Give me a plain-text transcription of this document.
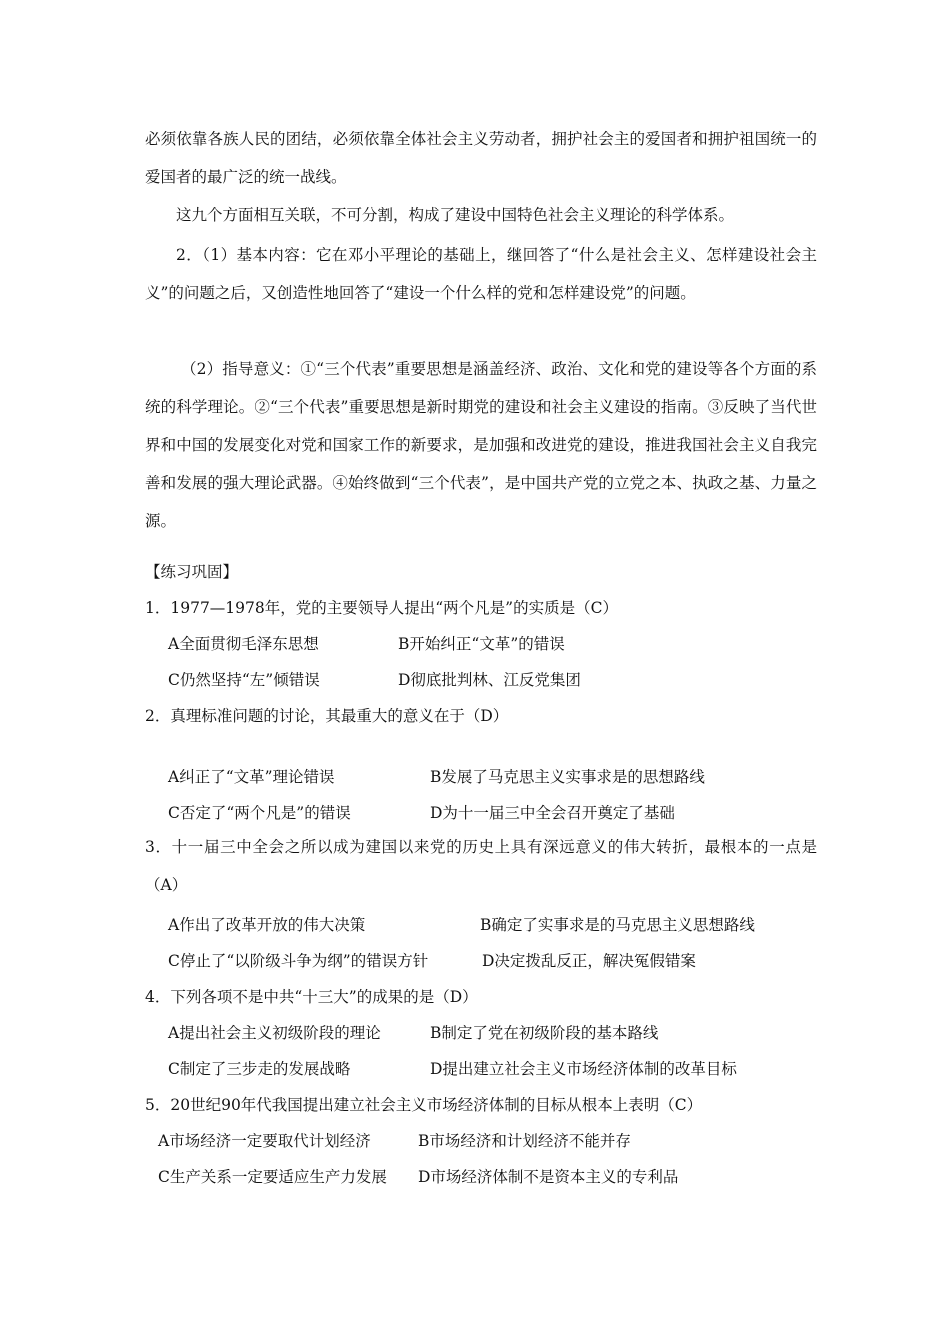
必须依靠各族人民的团结，必须依靠全体社会主义劳动者，拥护社会主的爱国者和拥护祖国统一的爱国者的最广泛的统一战线。
这九个方面相互关联，不可分割，构成了建设中国特色社会主义理论的科学体系。
2．（1）基本内容：它在邓小平理论的基础上，继回答了“什么是社会主义、怎样建设社会主义”的问题之后，又创造性地回答了“建设一个什么样的党和怎样建设党”的问题。
（2）指导意义：①“三个代表”重要思想是涵盖经济、政治、文化和党的建设等各个方面的系统的科学理论。②“三个代表”重要思想是新时期党的建设和社会主义建设的指南。③反映了当代世界和中国的发展变化对党和国家工作的新要求，是加强和改进党的建设，推进我国社会主义自我完善和发展的强大理论武器。④始终做到“三个代表”，是中国共产党的立党之本、执政之基、力量之源。
【练习巩固】
1．1977—1978年，党的主要领导人提出“两个凡是”的实质是（C）
A全面贯彻毛泽东思想	B开始纠正“文革”的错误
C仍然坚持“左”倾错误	D彻底批判林、江反党集团
2．真理标准问题的讨论，其最重大的意义在于（D）
A纠正了“文革”理论错误	B发展了马克思主义实事求是的思想路线
C否定了“两个凡是”的错误	D为十一届三中全会召开奠定了基础
3．十一届三中全会之所以成为建国以来党的历史上具有深远意义的伟大转折，最根本的一点是（A）
A作出了改革开放的伟大决策	B确定了实事求是的马克思主义思想路线
C停止了“以阶级斗争为纲”的错误方针	D决定拨乱反正，解决冤假错案
4．下列各项不是中共“十三大”的成果的是（D）
A提出社会主义初级阶段的理论	B制定了党在初级阶段的基本路线
C制定了三步走的发展战略	D提出建立社会主义市场经济体制的改革目标
5．20世纪90年代我国提出建立社会主义市场经济体制的目标从根本上表明（C）
A市场经济一定要取代计划经济	B市场经济和计划经济不能并存
C生产关系一定要适应生产力发展 D市场经济体制不是资本主义的专利品
